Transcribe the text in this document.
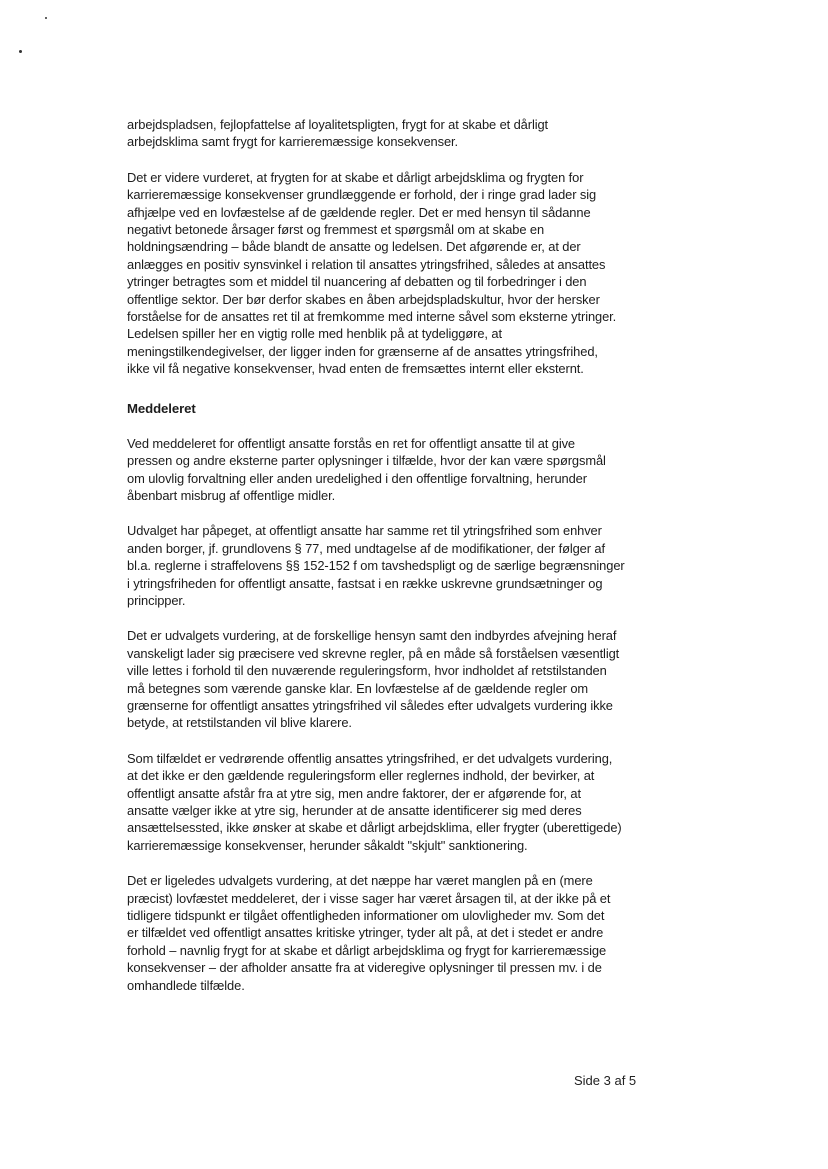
arbejdspladsen, fejlopfattelse af loyalitetspligten, frygt for at skabe et dårligt
arbejdsklima samt frygt for karrieremæssige konsekvenser.

Det er videre vurderet, at frygten for at skabe et dårligt arbejdsklima og frygten for
karrieremæssige konsekvenser grundlæggende er forhold, der i ringe grad lader sig
afhjælpe ved en lovfæstelse af de gældende regler. Det er med hensyn til sådanne
negativt betonede årsager først og fremmest et spørgsmål om at skabe en
holdningsændring – både blandt de ansatte og ledelsen. Det afgørende er, at der
anlægges en positiv synsvinkel i relation til ansattes ytringsfrihed, således at ansattes
ytringer betragtes som et middel til nuancering af debatten og til forbedringer i den
offentlige sektor. Der bør derfor skabes en åben arbejdspladskultur, hvor der hersker
forståelse for de ansattes ret til at fremkomme med interne såvel som eksterne ytringer.
Ledelsen spiller her en vigtig rolle med henblik på at tydeliggøre, at
meningstilkendegivelser, der ligger inden for grænserne af de ansattes ytringsfrihed,
ikke vil få negative konsekvenser, hvad enten de fremsættes internt eller eksternt.

Meddeleret

Ved meddeleret for offentligt ansatte forstås en ret for offentligt ansatte til at give
pressen og andre eksterne parter oplysninger i tilfælde, hvor der kan være spørgsmål
om ulovlig forvaltning eller anden uredelighed i den offentlige forvaltning, herunder
åbenbart misbrug af offentlige midler.

Udvalget har påpeget, at offentligt ansatte har samme ret til ytringsfrihed som enhver
anden borger, jf. grundlovens § 77, med undtagelse af de modifikationer, der følger af
bl.a. reglerne i straffelovens §§ 152-152 f om tavshedspligt og de særlige begrænsninger
i ytringsfriheden for offentligt ansatte, fastsat i en række uskrevne grundsætninger og
principper.

Det er udvalgets vurdering, at de forskellige hensyn samt den indbyrdes afvejning heraf
vanskeligt lader sig præcisere ved skrevne regler, på en måde så forståelsen væsentligt
ville lettes i forhold til den nuværende reguleringsform, hvor indholdet af retstilstanden
må betegnes som værende ganske klar. En lovfæstelse af de gældende regler om
grænserne for offentligt ansattes ytringsfrihed vil således efter udvalgets vurdering ikke
betyde, at retstilstanden vil blive klarere.

Som tilfældet er vedrørende offentlig ansattes ytringsfrihed, er det udvalgets vurdering,
at det ikke er den gældende reguleringsform eller reglernes indhold, der bevirker, at
offentligt ansatte afstår fra at ytre sig, men andre faktorer, der er afgørende for, at
ansatte vælger ikke at ytre sig, herunder at de ansatte identificerer sig med deres
ansættelsessted, ikke ønsker at skabe et dårligt arbejdsklima, eller frygter (uberettigede)
karrieremæssige konsekvenser, herunder såkaldt "skjult" sanktionering.

Det er ligeledes udvalgets vurdering, at det næppe har været manglen på en (mere
præcist) lovfæstet meddeleret, der i visse sager har været årsagen til, at der ikke på et
tidligere tidspunkt er tilgået offentligheden informationer om ulovligheder mv. Som det
er tilfældet ved offentligt ansattes kritiske ytringer, tyder alt på, at det i stedet er andre
forhold – navnlig frygt for at skabe et dårligt arbejdsklima og frygt for karrieremæssige
konsekvenser – der afholder ansatte fra at videregive oplysninger til pressen mv. i de
omhandlede tilfælde.

Side 3 af 5
